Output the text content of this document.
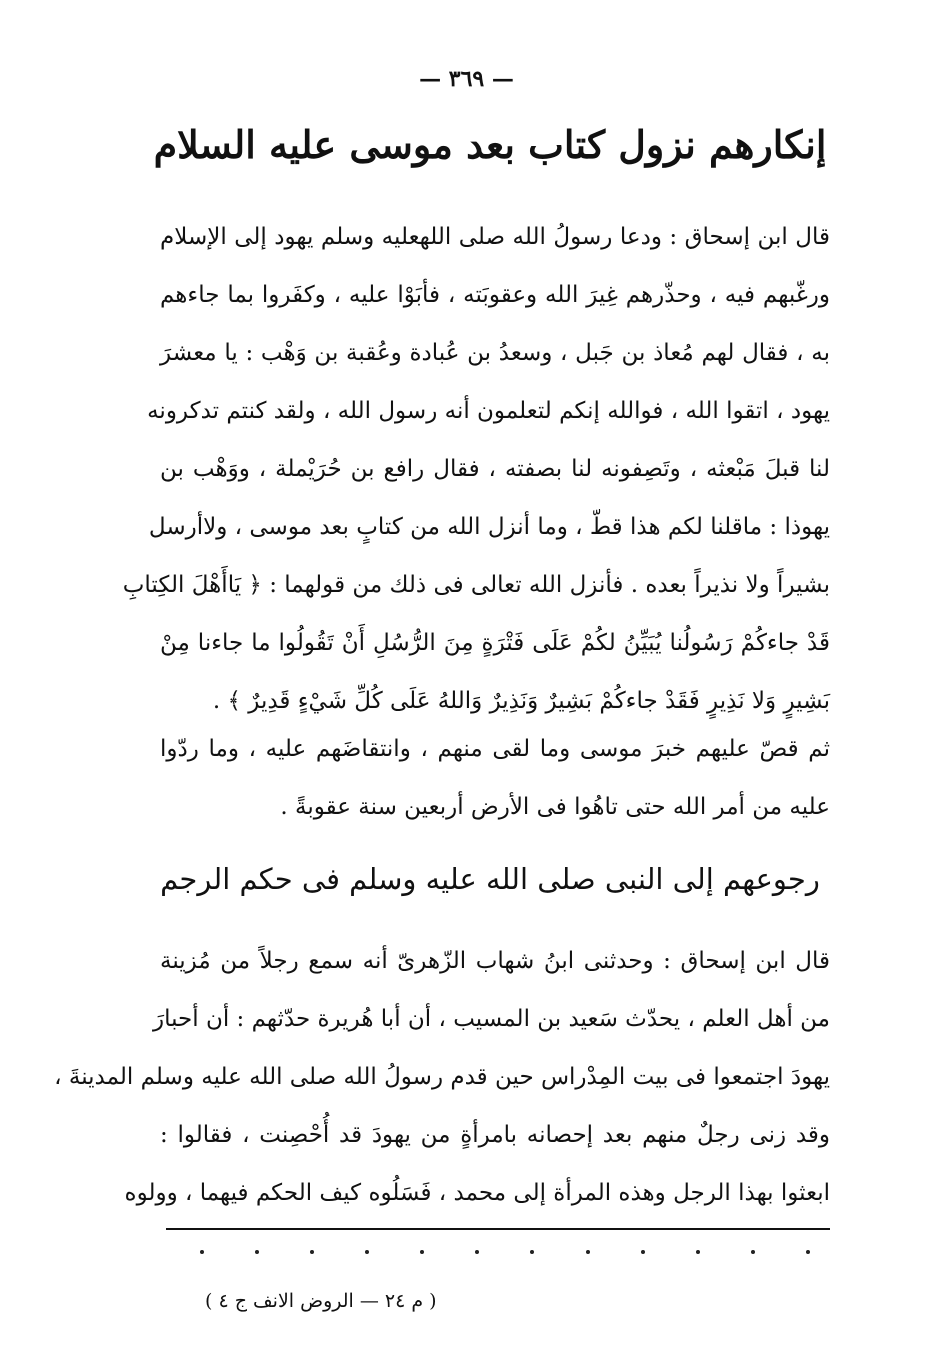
— ٣٦٩ —
إنكارهم نزول كتاب بعد موسى عليه السلام
قال ابن إسحاق : ودعا رسولُ الله صلى اللهعليه وسلم يهود إلى الإسلام
ورغّبهم فيه ، وحذّرهم غِيرَ الله وعقوبَته ، فأبَوْا عليه ، وكفَروا بما جاءهم
به ، فقال لهم مُعاذ بن جَبل ، وسعدُ بن عُبادة وعُقبة بن وَهْب : يا معشرَ
يهود ، اتقوا الله ، فوالله إنكم لتعلمون أنه رسول الله ، ولقد كنتم تدكرونه
لنا قبلَ مَبْعثه ، وتَصِفونه لنا بصفته ، فقال رافع بن حُرَيْملة ، ووَهْب بن
يهوذا : ماقلنا لكم هذا قطّ ، وما أنزل الله من كتابٍ بعد موسى ، ولاأرسل
بشيراً ولا نذيراً بعده . فأنزل الله تعالى فى ذلك من قولهما : ﴿ يَاأَهْلَ الكِتابِ
قَدْ جاءكُمْ رَسُولُنا يُبَيِّنُ لكُمْ عَلَى فَتْرَةٍ مِنَ الرُّسُلِ أَنْ تَقُولُوا ما جاءنا مِنْ
بَشِيرٍ وَلا نَذِيرٍ فَقَدْ جاءكُمْ بَشِيرٌ وَنَذِيرٌ وَاللهُ عَلَى كُلِّ شَيْءٍ قَدِيرٌ ﴾ .
ثم قصّ عليهم خبرَ موسى وما لقى منهم ، وانتقاضَهم عليه ، وما ردّوا
عليه من أمر الله حتى تاهُوا فى الأرض أربعين سنة عقوبةً .
رجوعهم إلى النبى صلى الله عليه وسلم فى حكم الرجم
قال ابن إسحاق : وحدثنى ابنُ شهاب الزّهرىّ أنه سمع رجلاً من مُزينة
من أهل العلم ، يحدّث سَعيد بن المسيب ، أن أبا هُريرة حدّثهم : أن أحبارَ
يهودَ اجتمعوا فى بيت المِدْراس حين قدم رسولُ الله صلى الله عليه وسلم المدينةَ ،
وقد زنى رجلٌ منهم بعد إحصانه بامرأةٍ من يهودَ قد أُحْصِنت ، فقالوا :
ابعثوا بهذا الرجل وهذه المرأة إلى محمد ، فَسَلُوه كيف الحكم فيهما ، وولوه
( م ٢٤ — الروض الانف ج ٤ )
